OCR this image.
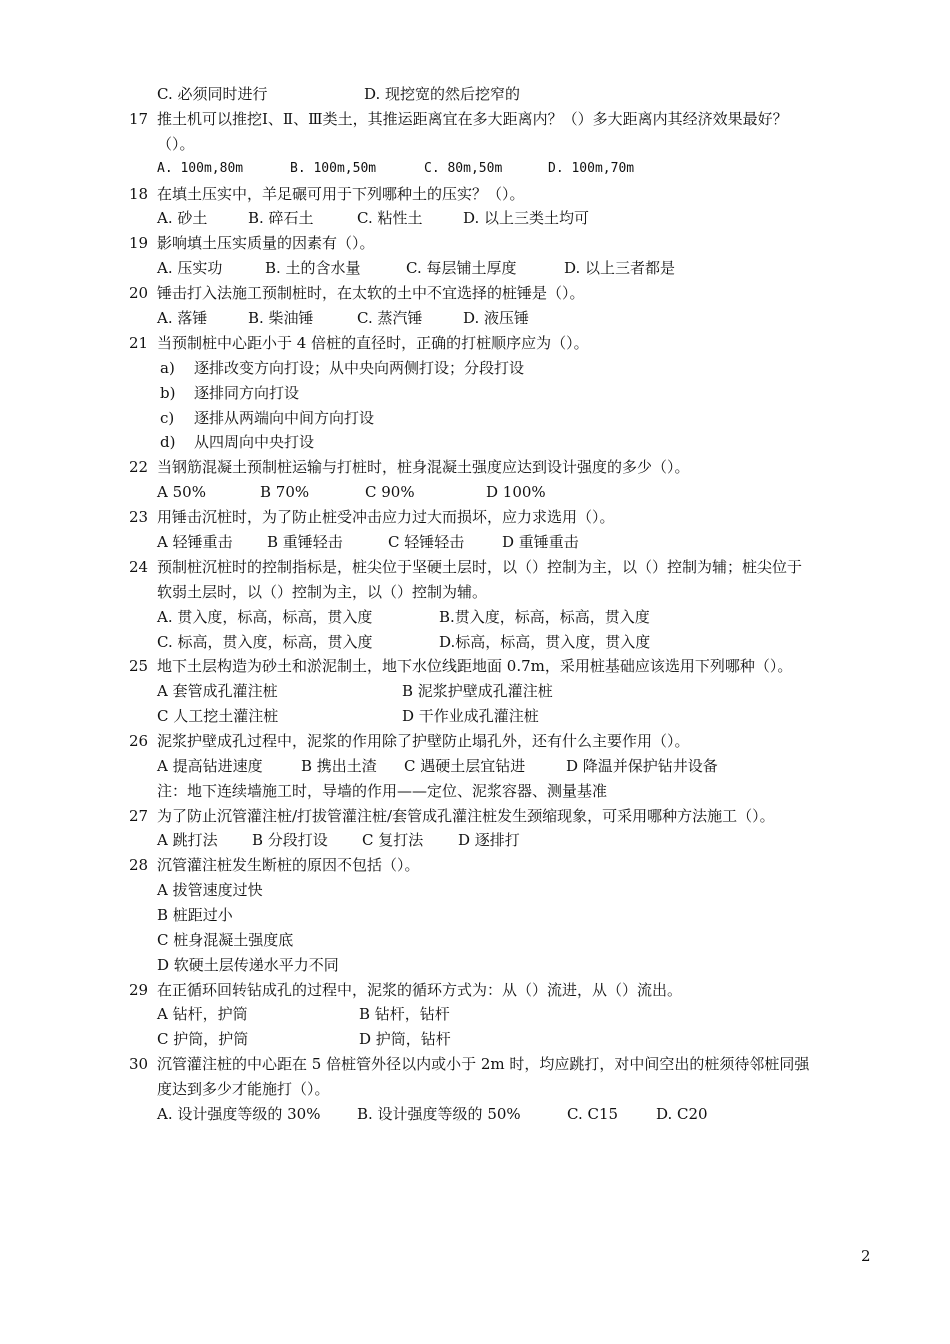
C. 必须同时进行	D. 现挖宽的然后挖窄的
17 推土机可以推挖Ⅰ、Ⅱ、Ⅲ类土，其推运距离宜在多大距离内？（）多大距离内其经济效果最好？
（）。
A. 100m,80m	B. 100m,50m	C. 80m,50m	D. 100m,70m
18 在填土压实中，羊足碾可用于下列哪种土的压实？（）。
A. 砂土	B. 碎石土	C. 粘性土	D. 以上三类土均可
19 影响填土压实质量的因素有（）。
A. 压实功	B. 土的含水量	C. 每层铺土厚度	D. 以上三者都是
20 锤击打入法施工预制桩时，在太软的土中不宜选择的桩锤是（）。
A. 落锤	B. 柴油锤	C. 蒸汽锤	D. 液压锤
21 当预制桩中心距小于 4 倍桩的直径时，正确的打桩顺序应为（）。
a) 逐排改变方向打设；从中央向两侧打设；分段打设
b) 逐排同方向打设
c) 逐排从两端向中间方向打设
d) 从四周向中央打设
22 当钢筋混凝土预制桩运输与打桩时，桩身混凝土强度应达到设计强度的多少（）。
A 50%	B 70%	C 90%	D 100%
23 用锤击沉桩时，为了防止桩受冲击应力过大而损坏，应力求选用（）。
A 轻锤重击 B 重锤轻击	C 轻锤轻击	D 重锤重击
24 预制桩沉桩时的控制指标是，桩尖位于坚硬土层时，以（）控制为主，以（）控制为辅；桩尖位于
软弱土层时，以（）控制为主，以（）控制为辅。
A. 贯入度，标高，标高，贯入度	B.贯入度，标高，标高，贯入度
C. 标高，贯入度，标高，贯入度	D.标高，标高，贯入度，贯入度
25 地下土层构造为砂土和淤泥制土，地下水位线距地面 0.7m，采用桩基础应该选用下列哪种（）。
A 套管成孔灌注桩	B 泥浆护壁成孔灌注桩
C 人工挖土灌注桩	D 干作业成孔灌注桩
26 泥浆护壁成孔过程中，泥浆的作用除了护壁防止塌孔外，还有什么主要作用（）。
A 提高钻进速度	B 携出土渣 C 遇硬土层宜钻进	D 降温并保护钻井设备
注：地下连续墙施工时，导墙的作用——定位、泥浆容器、测量基准
27 为了防止沉管灌注桩/打拔管灌注桩/套管成孔灌注桩发生颈缩现象，可采用哪种方法施工（）。
A 跳打法 B 分段打设 C 复打法 D 逐排打
28 沉管灌注桩发生断桩的原因不包括（）。
A 拔管速度过快
B 桩距过小
C 桩身混凝土强度底
D 软硬土层传递水平力不同
29 在正循环回转钻成孔的过程中，泥浆的循环方式为：从（）流进，从（）流出。
A 钻杆，护筒	B 钻杆，钻杆
C 护筒，护筒	D 护筒，钻杆
30 沉管灌注桩的中心距在 5 倍桩管外径以内或小于 2m 时，均应跳打，对中间空出的桩须待邻桩同强
度达到多少才能施打（）。
A. 设计强度等级的 30% B. 设计强度等级的 50%	C. C15	D. C20
2
